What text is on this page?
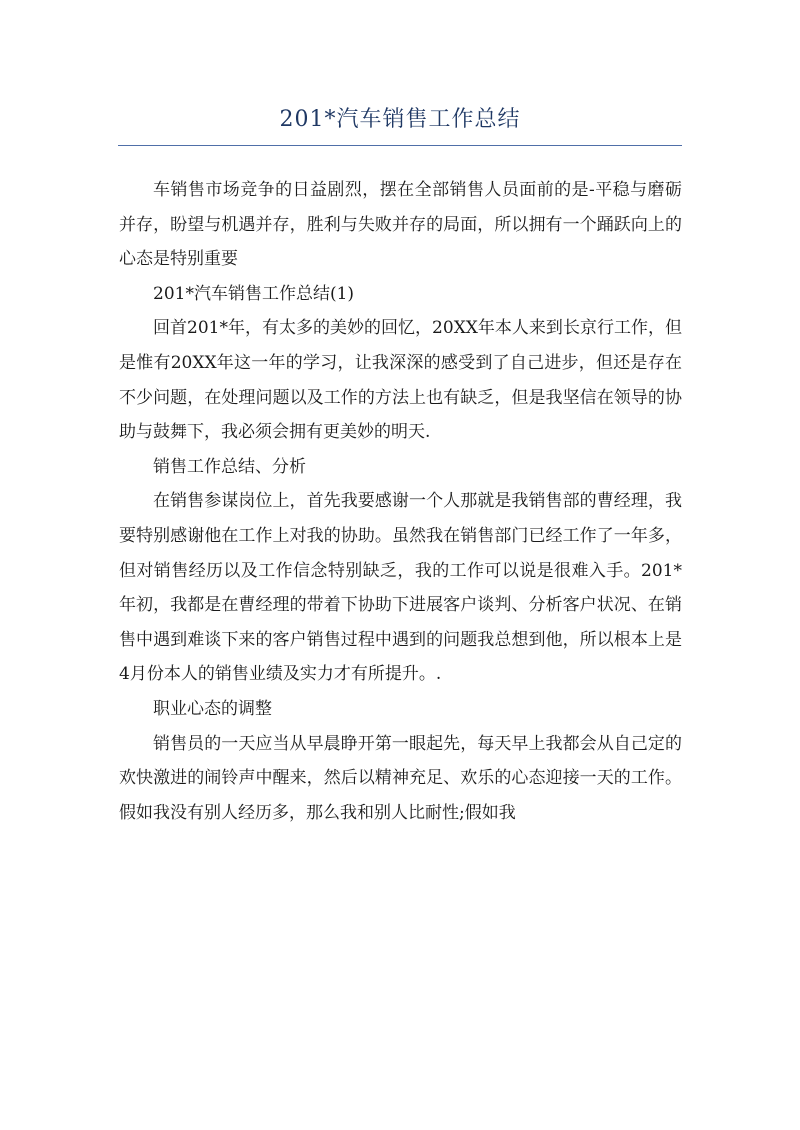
201*汽车销售工作总结

车销售市场竞争的日益剧烈，摆在全部销售人员面前的是-平稳与磨砺并存，盼望与机遇并存，胜利与失败并存的局面，所以拥有一个踊跃向上的心态是特别重要

201*汽车销售工作总结(1)

回首201*年，有太多的美妙的回忆，20XX年本人来到长京行工作，但是惟有20XX年这一年的学习，让我深深的感受到了自己进步，但还是存在不少问题，在处理问题以及工作的方法上也有缺乏，但是我坚信在领导的协助与鼓舞下，我必须会拥有更美妙的明天.

销售工作总结、分析

在销售参谋岗位上，首先我要感谢一个人那就是我销售部的曹经理，我要特别感谢他在工作上对我的协助。虽然我在销售部门已经工作了一年多，但对销售经历以及工作信念特别缺乏，我的工作可以说是很难入手。201*年初，我都是在曹经理的带着下协助下进展客户谈判、分析客户状况、在销售中遇到难谈下来的客户销售过程中遇到的问题我总想到他，所以根本上是4月份本人的销售业绩及实力才有所提升。.

职业心态的调整

销售员的一天应当从早晨睁开第一眼起先，每天早上我都会从自己定的欢快激进的闹铃声中醒来，然后以精神充足、欢乐的心态迎接一天的工作。假如我没有别人经历多，那么我和别人比耐性;假如我
